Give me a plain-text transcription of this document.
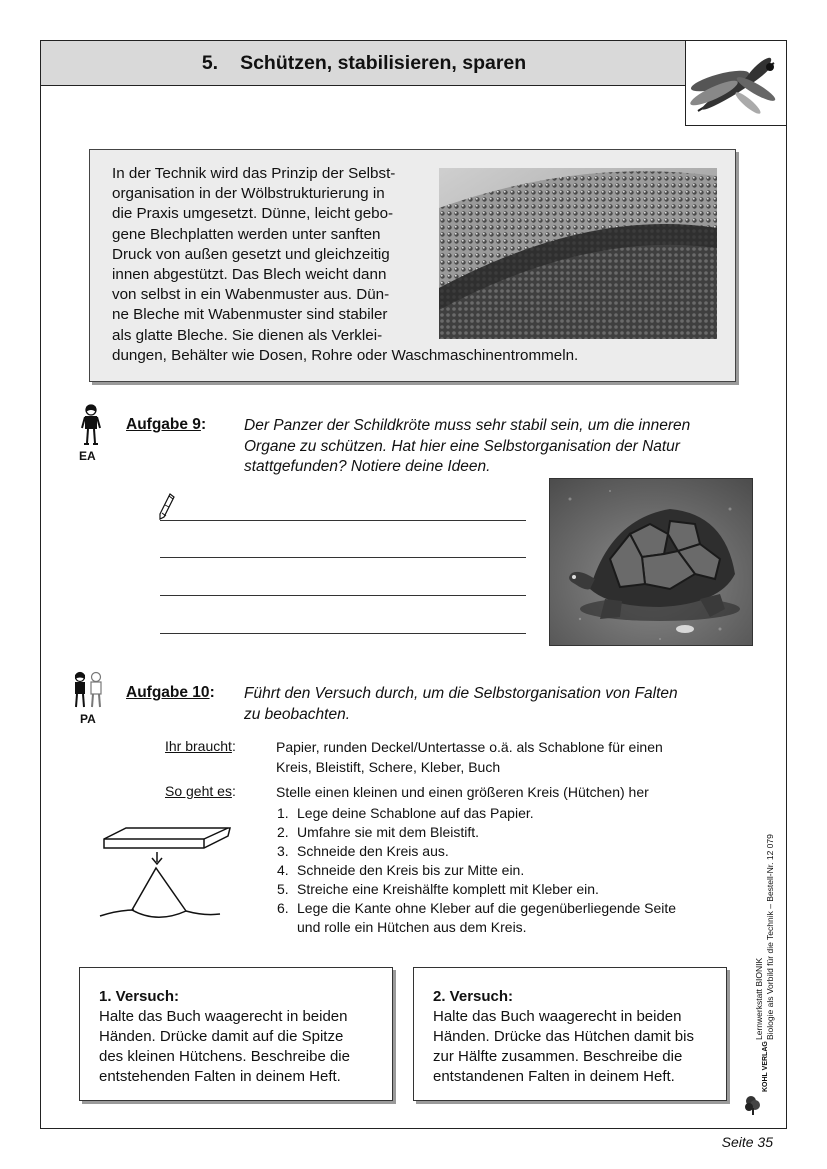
5. Schützen, stabilisieren, sparen
In der Technik wird das Prinzip der Selbst-
organisation in der Wölbstrukturierung in
die Praxis umgesetzt. Dünne, leicht gebo-
gene Blechplatten werden unter sanften
Druck von außen gesetzt und gleichzeitig
innen abgestützt. Das Blech weicht dann
von selbst in ein Wabenmuster aus. Dün-
ne Bleche mit Wabenmuster sind stabiler
als glatte Bleche. Sie dienen als Verklei-
dungen, Behälter wie Dosen, Rohre oder Waschmaschinentrommeln.
EA
Aufgabe 9: Der Panzer der Schildkröte muss sehr stabil sein, um die inneren
Organe zu schützen. Hat hier eine Selbstorganisation der Natur
stattgefunden? Notiere deine Ideen.
PA
Aufgabe 10: Führt den Versuch durch, um die Selbstorganisation von Falten
zu beobachten.
Ihr braucht:	Papier, runden Deckel/Untertasse o.ä. als Schablone für einen
Kreis, Bleistift, Schere, Kleber, Buch
So geht es:	Stelle einen kleinen und einen größeren Kreis (Hütchen) her
1. Lege deine Schablone auf das Papier.
2. Umfahre sie mit dem Bleistift.
3. Schneide den Kreis aus.
4. Schneide den Kreis bis zur Mitte ein.
5. Streiche eine Kreishälfte komplett mit Kleber ein.
6. Lege die Kante ohne Kleber auf die gegenüberliegende Seite
und rolle ein Hütchen aus dem Kreis.
1. Versuch:
Halte das Buch waagerecht in beiden
Händen. Drücke damit auf die Spitze
des kleinen Hütchens. Beschreibe die
entstehenden Falten in deinem Heft.
2. Versuch:
Halte das Buch waagerecht in beiden
Händen. Drücke das Hütchen damit bis
zur Hälfte zusammen. Beschreibe die
entstandenen Falten in deinem Heft.
Lernwerkstatt BIONIK Biologie als Vorbild für die Technik – Bestell-Nr. 12 079
KOHL VERLAG
Seite 35
